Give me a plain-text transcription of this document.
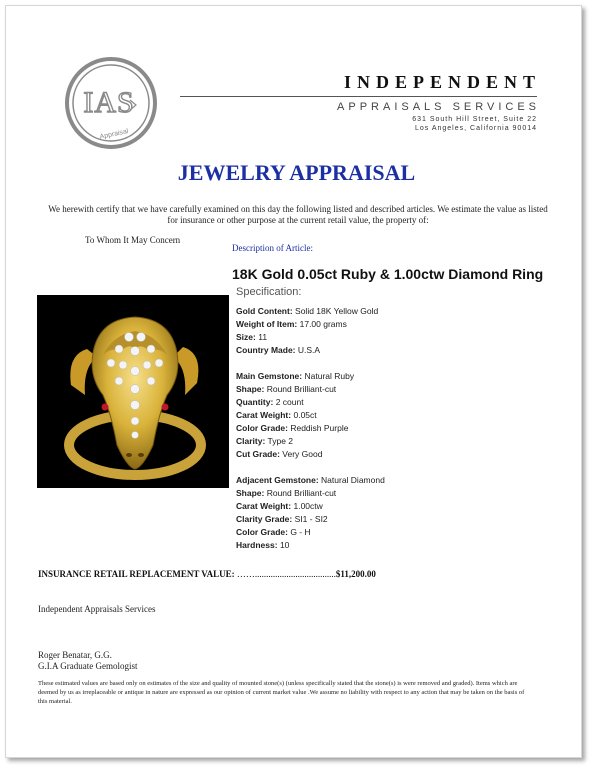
IAS
Appraisal
INDEPENDENT
APPRAISALS SERVICES
631 South Hill Street, Suite 22
Los Angeles, California 90014
JEWELRY APPRAISAL
We herewith certify that we have carefully examined on this day the following listed and described articles. We estimate the value as listed for insurance or other purpose at the current retail value, the property of:
To Whom It May Concern
Description of Article:
18K Gold 0.05ct Ruby & 1.00ctw Diamond Ring
Specification:
Gold Content: Solid 18K Yellow Gold
Weight of Item: 17.00 grams
Size: 11
Country Made: U.S.A
Main Gemstone: Natural Ruby
Shape: Round Brilliant-cut
Quantity: 2 count
Carat Weight: 0.05ct
Color Grade: Reddish Purple
Clarity: Type 2
Cut Grade: Very Good
Adjacent Gemstone: Natural Diamond
Shape: Round Brilliant-cut
Carat Weight: 1.00ctw
Clarity Grade: SI1 - SI2
Color Grade: G - H
Hardness: 10
INSURANCE RETAIL REPLACEMENT VALUE: ……....................................$11,200.00
Independent Appraisals Services
Roger Benatar, G.G.
G.I.A Graduate Gemologist
These estimated values are based only on estimates of the size and quality of mounted stone(s) (unless specifically stated that the stone(s) is were removed and graded). Items which are deemed by us as irreplaceable or antique in nature are expressed as our opinion of current market value .We assume no liability with respect to any action that may be taken on the basis of this material.
